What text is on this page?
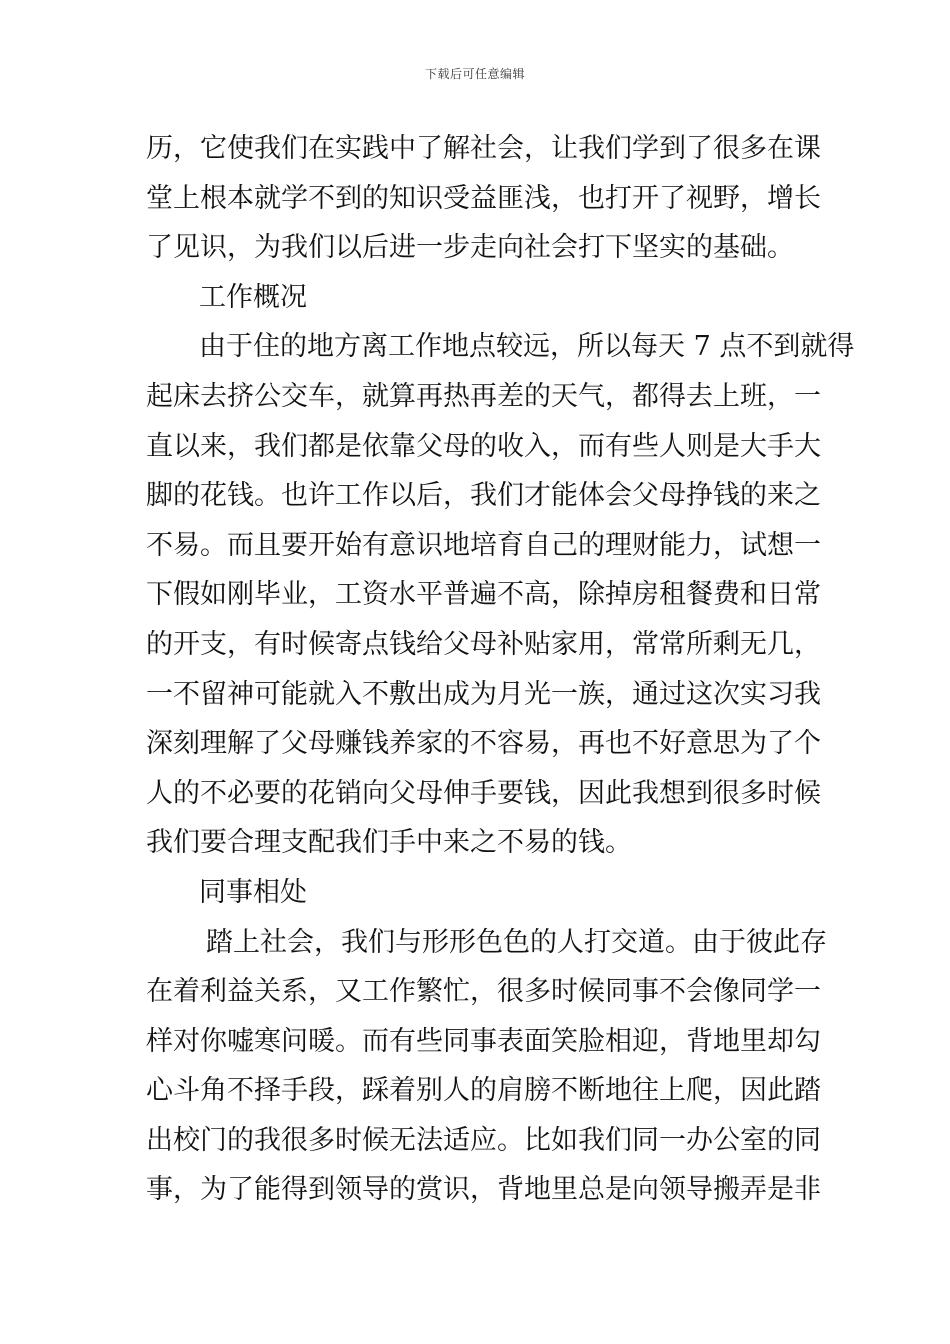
下载后可任意编辑
历，它使我们在实践中了解社会，让我们学到了很多在课
堂上根本就学不到的知识受益匪浅，也打开了视野，增长
了见识，为我们以后进一步走向社会打下坚实的基础。
工作概况
由于住的地方离工作地点较远，所以每天 7 点不到就得
起床去挤公交车，就算再热再差的天气，都得去上班，一
直以来，我们都是依靠父母的收入，而有些人则是大手大
脚的花钱。也许工作以后，我们才能体会父母挣钱的来之
不易。而且要开始有意识地培育自己的理财能力，试想一
下假如刚毕业，工资水平普遍不高，除掉房租餐费和日常
的开支，有时候寄点钱给父母补贴家用，常常所剩无几，
一不留神可能就入不敷出成为月光一族，通过这次实习我
深刻理解了父母赚钱养家的不容易，再也不好意思为了个
人的不必要的花销向父母伸手要钱，因此我想到很多时候
我们要合理支配我们手中来之不易的钱。
同事相处
踏上社会，我们与形形色色的人打交道。由于彼此存
在着利益关系，又工作繁忙，很多时候同事不会像同学一
样对你嘘寒问暖。而有些同事表面笑脸相迎，背地里却勾
心斗角不择手段，踩着别人的肩膀不断地往上爬，因此踏
出校门的我很多时候无法适应。比如我们同一办公室的同
事，为了能得到领导的赏识，背地里总是向领导搬弄是非
